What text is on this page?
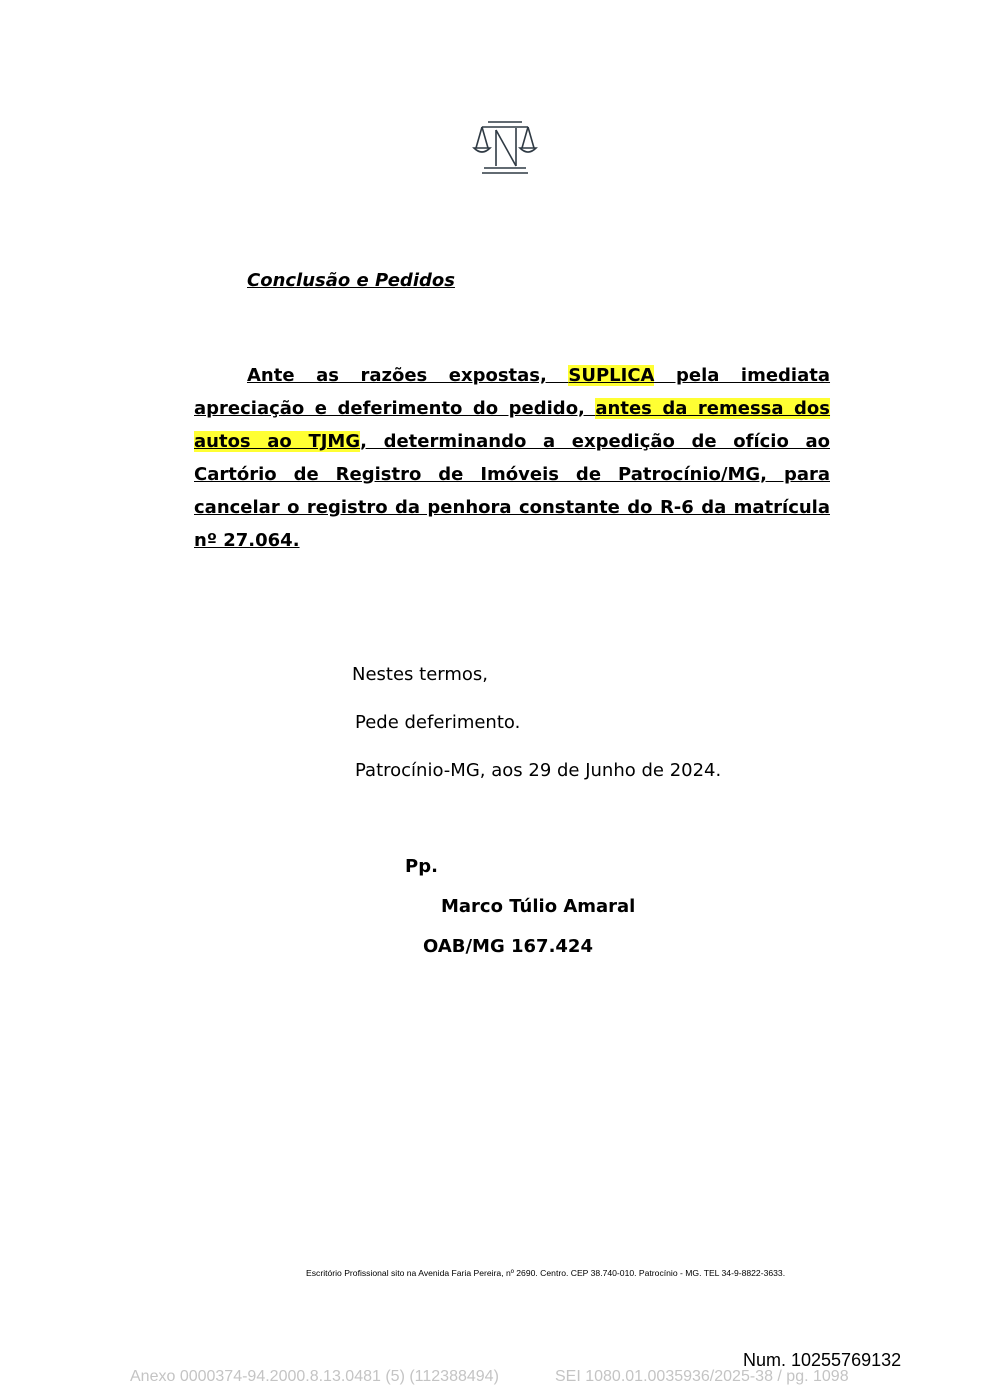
Conclusão e Pedidos
Ante as razões expostas, SUPLICA pela imediata
apreciação e deferimento do pedido, antes da remessa dos
autos ao TJMG, determinando a expedição de ofício ao
Cartório de Registro de Imóveis de Patrocínio/MG, para
cancelar o registro da penhora constante do R-6 da matrícula
nº 27.064.
Nestes termos,
Pede deferimento.
Patrocínio-MG, aos 29 de Junho de 2024.
Pp.
Marco Túlio Amaral
OAB/MG 167.424
Escritório Profissional sito na Avenida Faria Pereira, nº 2690. Centro. CEP 38.740-010. Patrocínio - MG. TEL 34-9-8822-3633.
Num. 10255769132
Anexo 0000374-94.2000.8.13.0481 (5) (112388494)	SEI 1080.01.0035936/2025-38 / pg. 1098
